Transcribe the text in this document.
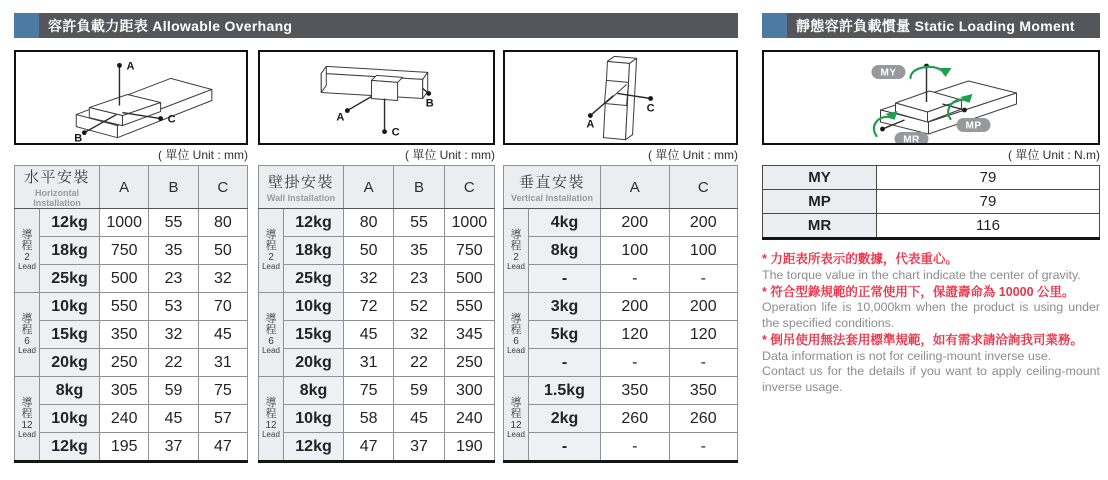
容許負載力距表 Allowable Overhang	靜態容許負載慣量 Static Loading Moment
A
B
C
( 單位 Unit : mm)
水平安裝
Horizontal Installation		A	B	C

導
程
2
Lead	12kg	1000	55	80
	18kg	750	35	50
	25kg	500	23	32

導
程
6
Lead	10kg	550	53	70
	15kg	350	32	45
	20kg	250	22	31

導
程
12
Lead	8kg	305	59	75
	10kg	240	45	57
	12kg	195	37	47
A
B
C
( 單位 Unit : mm)
壁掛安裝
Wall Installation		A	B	C

導
程
2
Lead	12kg	80	55	1000
	18kg	50	35	750
	25kg	32	23	500

導
程
6
Lead	10kg	72	52	550
	15kg	45	32	345
	20kg	31	22	250

導
程
12
Lead	8kg	75	59	300
	10kg	58	45	240
	12kg	47	37	190
A
C
( 單位 Unit : mm)
垂直安裝
Vertical Installation		A	C

導
程
2
Lead	4kg	200	200
	8kg	100	100
	-	-	-

導
程
6
Lead	3kg	200	200
	5kg	120	120
	-	-	-

導
程
12
Lead	1.5kg	350	350
	2kg	260	260
	-	-	-
MY
MP
MR
( 單位 Unit : N.m)
MY	79
MP	79
MR	116
* 力距表所表示的數據，代表重心。
The torque value in the chart indicate the center of gravity.
* 符合型錄規範的正常使用下，保證壽命為 10000 公里。
Operation life is 10,000km when the product is using under the specified conditions.
* 倒吊使用無法套用標準規範，如有需求請洽詢我司業務。
Data information is not for ceiling-mount inverse use.
Contact us for the details if you want to apply ceiling-mount inverse usage.
